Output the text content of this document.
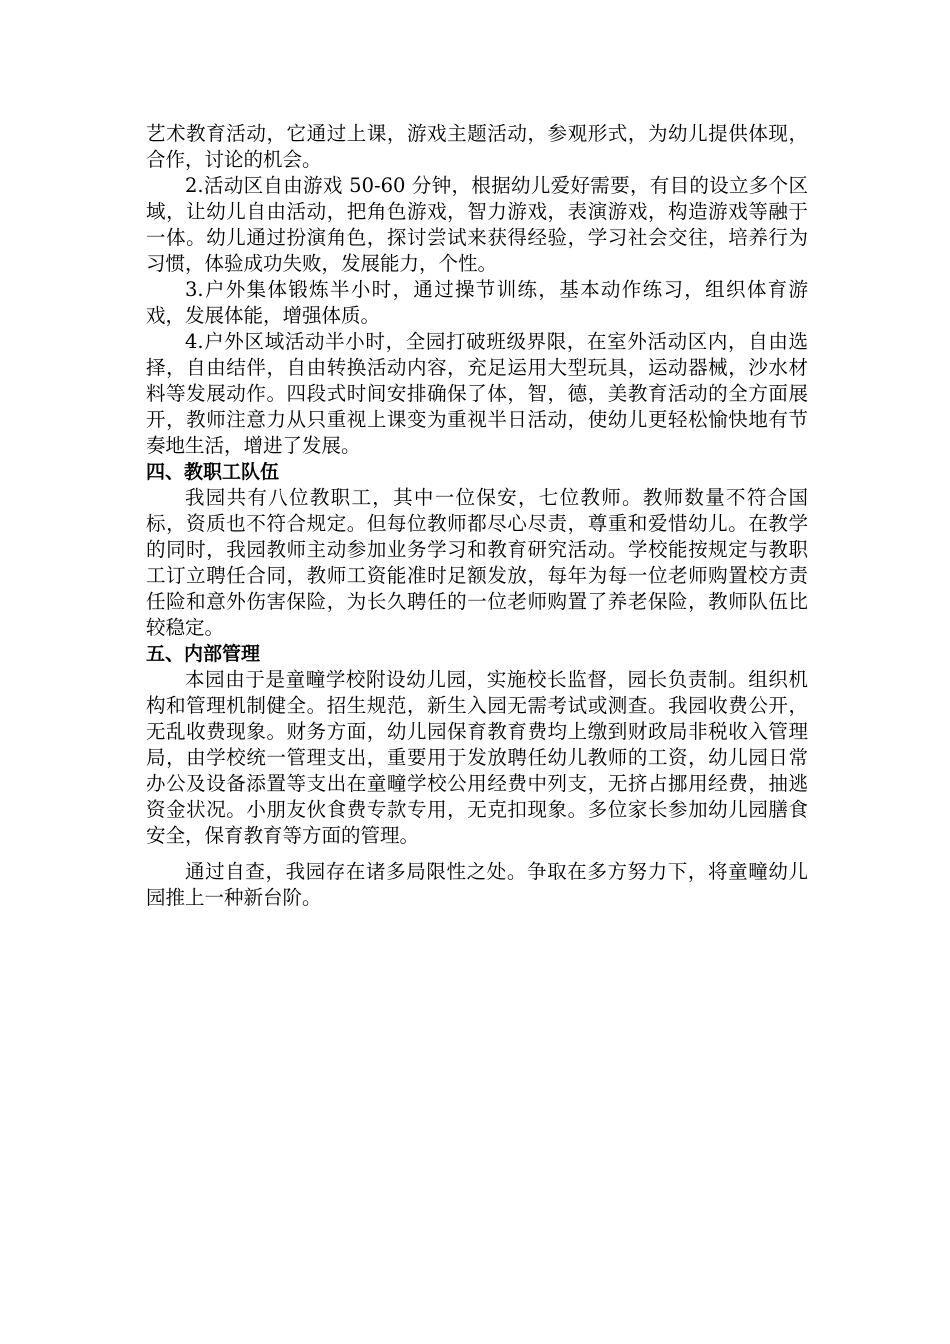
艺术教育活动，它通过上课，游戏主题活动，参观形式，为幼儿提供体现，合作，讨论的机会。

2.活动区自由游戏 50-60 分钟，根据幼儿爱好需要，有目的设立多个区域，让幼儿自由活动，把角色游戏，智力游戏，表演游戏，构造游戏等融于一体。幼儿通过扮演角色，探讨尝试来获得经验，学习社会交往，培养行为习惯，体验成功失败，发展能力，个性。

3.户外集体锻炼半小时，通过操节训练，基本动作练习，组织体育游戏，发展体能，增强体质。

4.户外区域活动半小时，全园打破班级界限，在室外活动区内，自由选择，自由结伴，自由转换活动内容，充足运用大型玩具，运动器械，沙水材料等发展动作。四段式时间安排确保了体，智，德，美教育活动的全方面展开，教师注意力从只重视上课变为重视半日活动，使幼儿更轻松愉快地有节奏地生活，增进了发展。

四、教职工队伍

我园共有八位教职工，其中一位保安，七位教师。教师数量不符合国标，资质也不符合规定。但每位教师都尽心尽责，尊重和爱惜幼儿。在教学的同时，我园教师主动参加业务学习和教育研究活动。学校能按规定与教职工订立聘任合同，教师工资能准时足额发放，每年为每一位老师购置校方责任险和意外伤害保险，为长久聘任的一位老师购置了养老保险，教师队伍比较稳定。

五、内部管理

本园由于是童疃学校附设幼儿园，实施校长监督，园长负责制。组织机构和管理机制健全。招生规范，新生入园无需考试或测查。我园收费公开，无乱收费现象。财务方面，幼儿园保育教育费均上缴到财政局非税收入管理局，由学校统一管理支出，重要用于发放聘任幼儿教师的工资，幼儿园日常办公及设备添置等支出在童疃学校公用经费中列支，无挤占挪用经费，抽逃资金状况。小朋友伙食费专款专用，无克扣现象。多位家长参加幼儿园膳食安全，保育教育等方面的管理。

通过自查，我园存在诸多局限性之处。争取在多方努力下，将童疃幼儿园推上一种新台阶。
